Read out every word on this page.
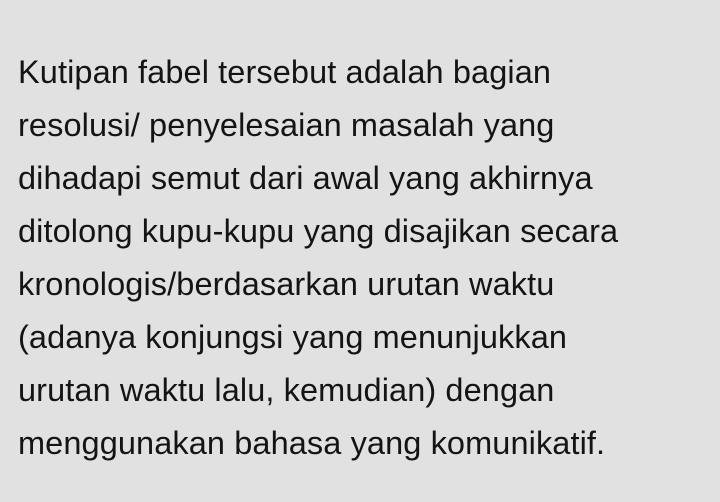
Kutipan fabel tersebut adalah bagian
resolusi/ penyelesaian masalah yang
dihadapi semut dari awal yang akhirnya
ditolong kupu-kupu yang disajikan secara
kronologis/berdasarkan urutan waktu
(adanya konjungsi yang menunjukkan
urutan waktu lalu, kemudian) dengan
menggunakan bahasa yang komunikatif.
